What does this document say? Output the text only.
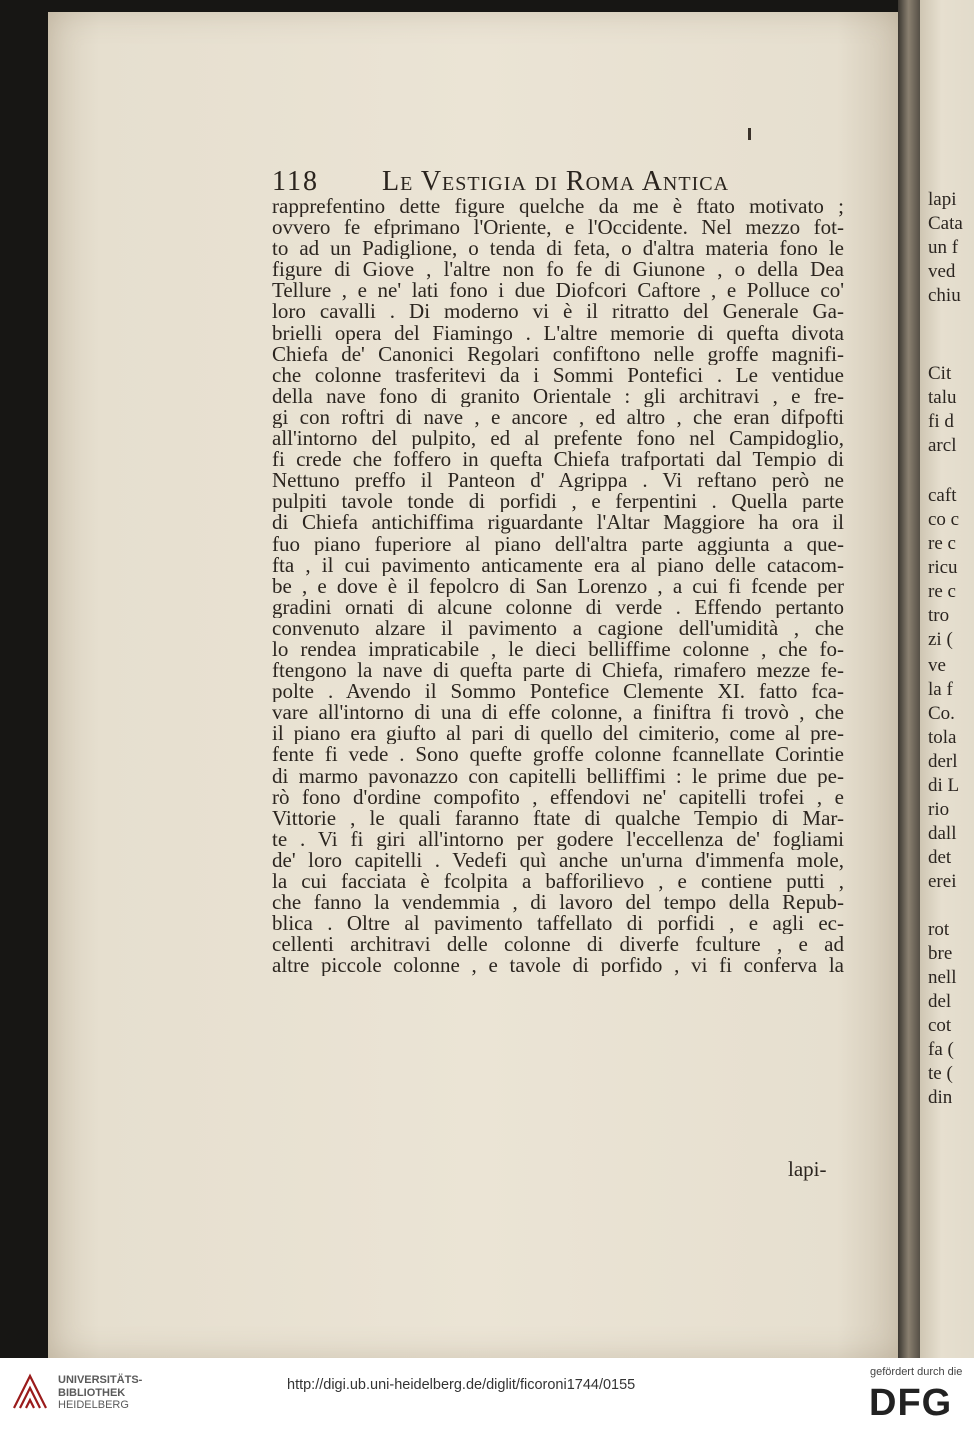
lapi
Cata
un f
ved
chiu
Cit
talu
fi d
arcl
caft
co c
re c
ricu
re c
tro
zi (
ve
la f
Co.
tola
derl
di L
rio
dall
det
erei
rot
bre
nell
del
cot
fa (
te (
din
118 Le Vestigia di Roma Antica
rapprefentino dette figure quelche da me è ftato motivato ;
ovvero fe efprimano l'Oriente, e l'Occidente. Nel mezzo fot-
to ad un Padiglione, o tenda di feta, o d'altra materia fono le
figure di Giove , l'altre non fo fe di Giunone , o della Dea
Tellure , e ne' lati fono i due Diofcori Caftore , e Polluce co'
loro cavalli . Di moderno vi è il ritratto del Generale Ga-
brielli opera del Fiamingo . L'altre memorie di quefta divota
Chiefa de' Canonici Regolari confiftono nelle groffe magnifi-
che colonne trasferitevi da i Sommi Pontefici . Le ventidue
della nave fono di granito Orientale : gli architravi , e fre-
gi con roftri di nave , e ancore , ed altro , che eran difpofti
all'intorno del pulpito, ed al prefente fono nel Campidoglio,
fi crede che foffero in quefta Chiefa trafportati dal Tempio di
Nettuno preffo il Panteon d' Agrippa . Vi reftano però ne
pulpiti tavole tonde di porfidi , e ferpentini . Quella parte
di Chiefa antichiffima riguardante l'Altar Maggiore ha ora il
fuo piano fuperiore al piano dell'altra parte aggiunta a que-
fta , il cui pavimento anticamente era al piano delle catacom-
be , e dove è il fepolcro di San Lorenzo , a cui fi fcende per
gradini ornati di alcune colonne di verde . Effendo pertanto
convenuto alzare il pavimento a cagione dell'umidità , che
lo rendea impraticabile , le dieci belliffime colonne , che fo-
ftengono la nave di quefta parte di Chiefa, rimafero mezze fe-
polte . Avendo il Sommo Pontefice Clemente XI. fatto fca-
vare all'intorno di una di effe colonne, a finiftra fi trovò , che
il piano era giufto al pari di quello del cimiterio, come al pre-
fente fi vede . Sono quefte groffe colonne fcannellate Corintie
di marmo pavonazzo con capitelli belliffimi : le prime due pe-
rò fono d'ordine compofito , effendovi ne' capitelli trofei , e
Vittorie , le quali faranno ftate di qualche Tempio di Mar-
te . Vi fi giri all'intorno per godere l'eccellenza de' fogliami
de' loro capitelli . Vedefi quì anche un'urna d'immenfa mole,
la cui facciata è fcolpita a bafforilievo , e contiene putti ,
che fanno la vendemmia , di lavoro del tempo della Repub-
blica . Oltre al pavimento taffellato di porfidi , e agli ec-
cellenti architravi delle colonne di diverfe fculture , e ad
altre piccole colonne , e tavole di porfido , vi fi conferva la
lapi-
UNIVERSITÄTS-
BIBLIOTHEK
HEIDELBERG
http://digi.ub.uni-heidelberg.de/diglit/ficoroni1744/0155
gefördert durch die
DFG
